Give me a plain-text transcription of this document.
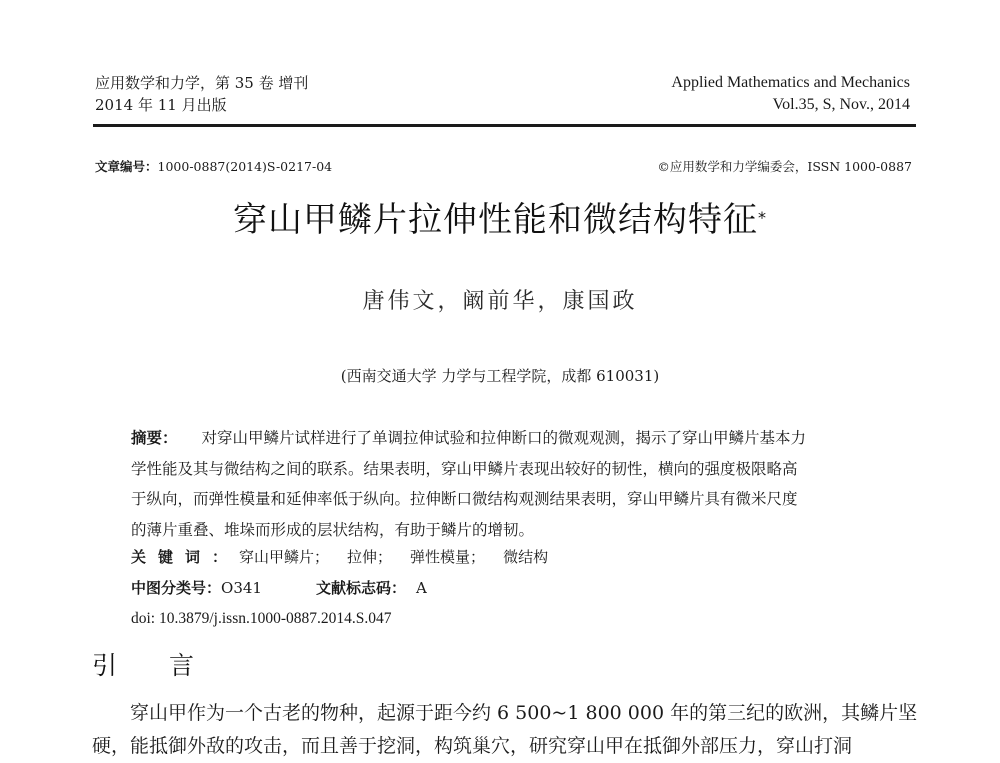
应用数学和力学，第 35 卷 增刊
2014 年 11 月出版
Applied Mathematics and Mechanics
Vol.35, S, Nov., 2014
文章编号：1000-0887(2014)S-0217-04	©应用数学和力学编委会，ISSN 1000-0887
穿山甲鳞片拉伸性能和微结构特征*
唐伟文，阚前华，康国政
(西南交通大学 力学与工程学院，成都 610031)
摘要： 对穿山甲鳞片试样进行了单调拉伸试验和拉伸断口的微观观测，揭示了穿山甲鳞片基本力
学性能及其与微结构之间的联系。结果表明，穿山甲鳞片表现出较好的韧性，横向的强度极限略高
于纵向，而弹性模量和延伸率低于纵向。拉伸断口微结构观测结果表明，穿山甲鳞片具有微米尺度
的薄片重叠、堆垛而形成的层状结构，有助于鳞片的增韧。
关键词：穿山甲鳞片； 拉伸； 弹性模量； 微结构
中图分类号：O341	文献标志码： A
doi: 10.3879/j.issn.1000-0887.2014.S.047
引言
穿山甲作为一个古老的物种，起源于距今约 6 500~1 800 000 年的第三纪的欧洲，其鳞片坚
硬，能抵御外敌的攻击，而且善于挖洞，构筑巢穴，研究穿山甲在抵御外部压力，穿山打洞
